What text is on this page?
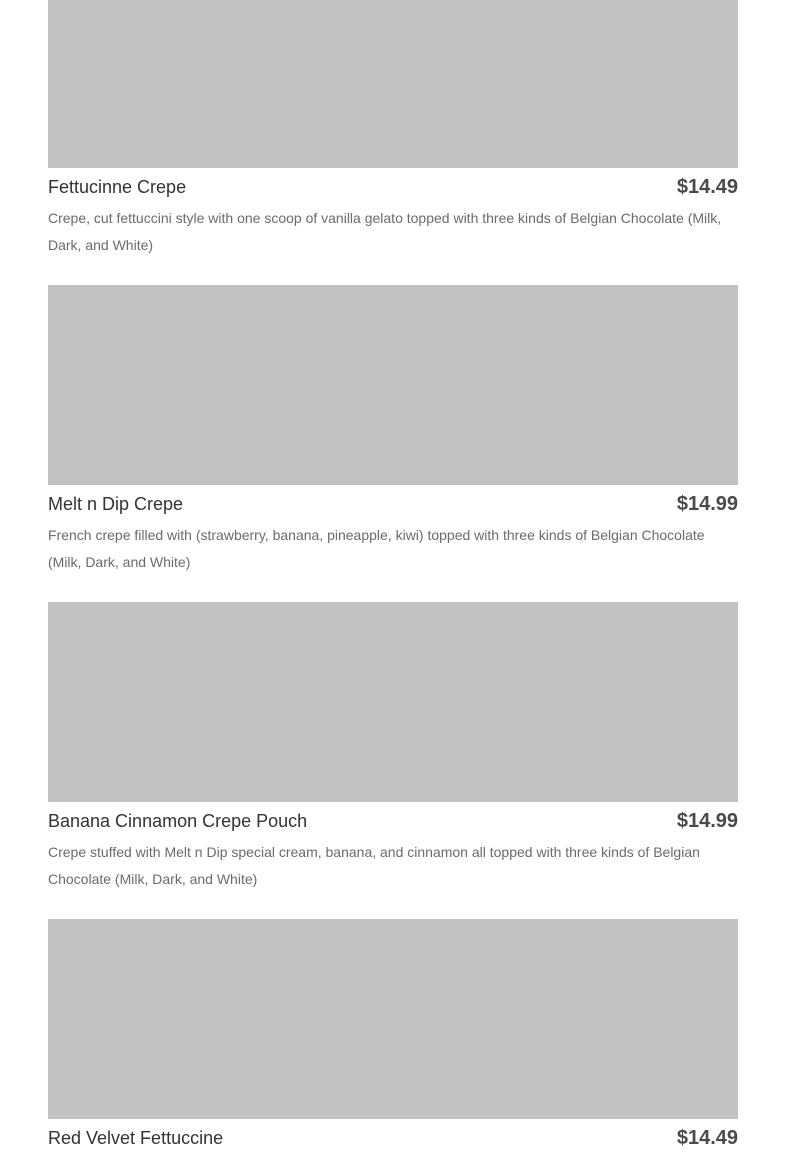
Fettucinne Crepe	$14.49

Crepe, cut fettuccini style with one scoop of vanilla gelato topped with three kinds of Belgian Chocolate (Milk, Dark, and White)

Melt n Dip Crepe	$14.99

French crepe filled with (strawberry, banana, pineapple, kiwi) topped with three kinds of Belgian Chocolate (Milk, Dark, and White)

Banana Cinnamon Crepe Pouch	$14.99

Crepe stuffed with Melt n Dip special cream, banana, and cinnamon all topped with three kinds of Belgian Chocolate (Milk, Dark, and White)

Red Velvet Fettuccine	$14.49
